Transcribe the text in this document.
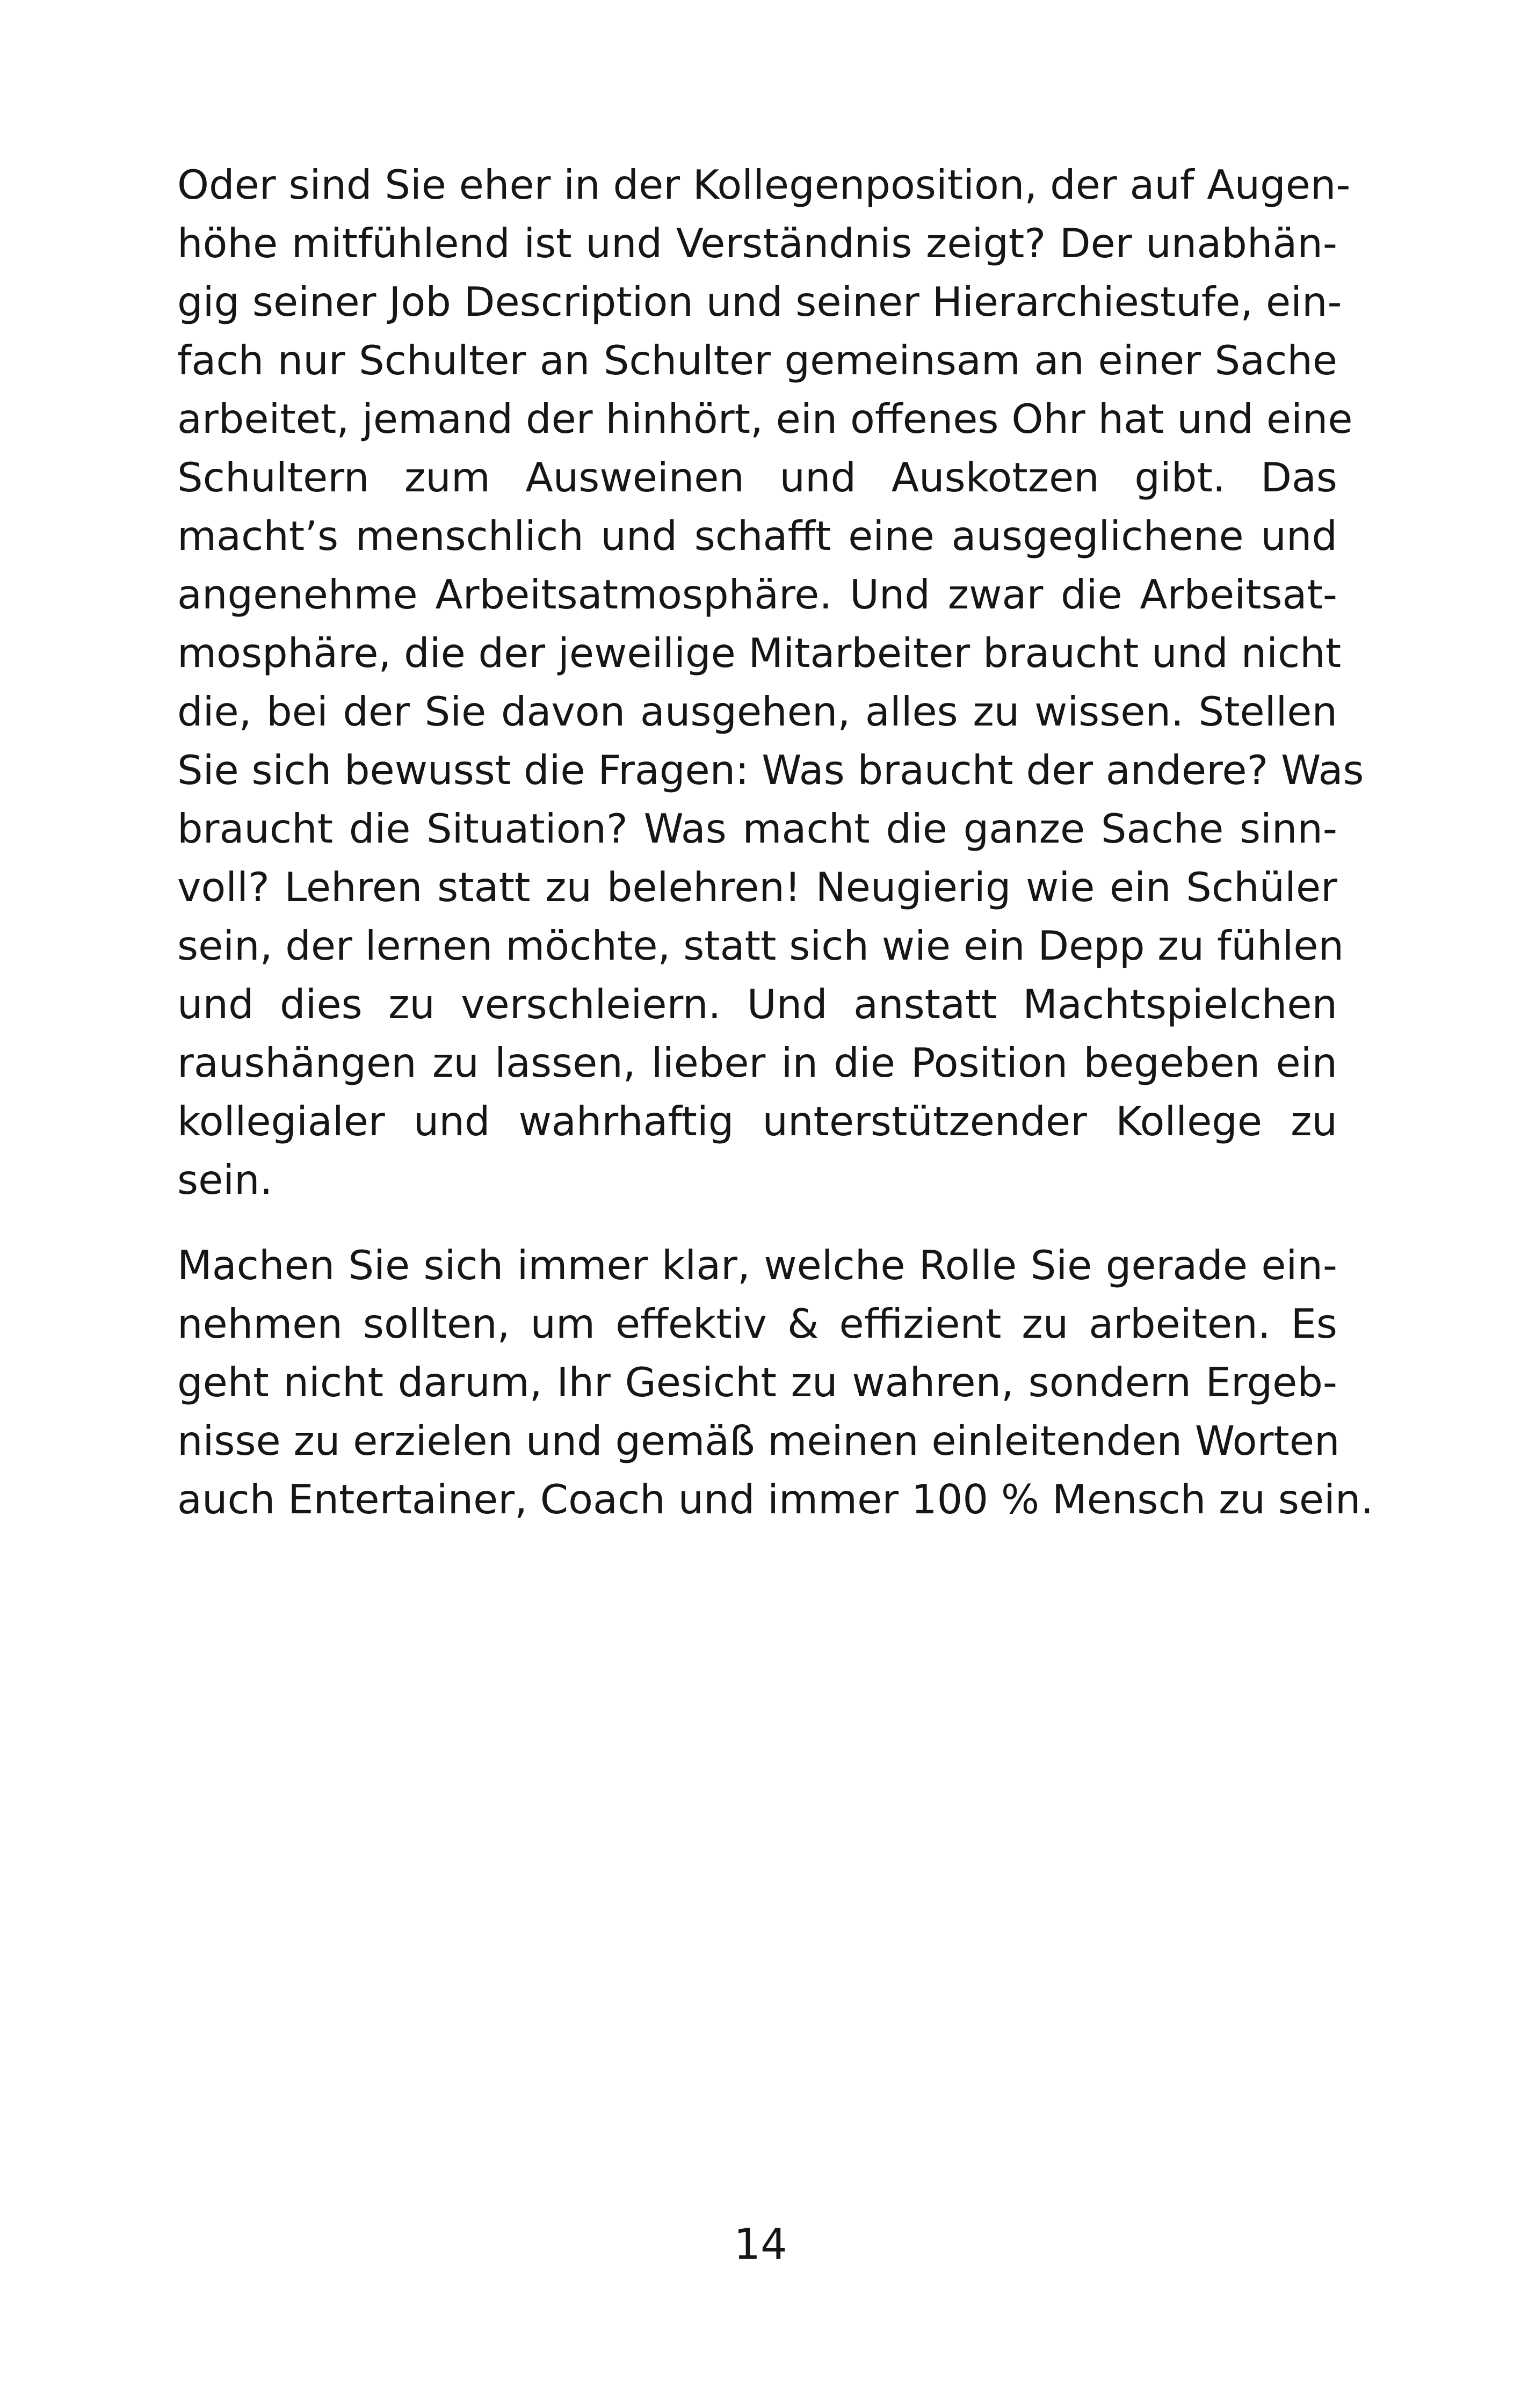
Oder sind Sie eher in der Kollegenposition, der auf Augen-
höhe mitfühlend ist und Verständnis zeigt? Der unabhän-
gig seiner Job Description und seiner Hierarchiestufe, ein-
fach nur Schulter an Schulter gemeinsam an einer Sache
arbeitet, jemand der hinhört, ein offenes Ohr hat und eine
Schultern zum Ausweinen und Auskotzen gibt. Das
macht’s menschlich und schafft eine ausgeglichene und
angenehme Arbeitsatmosphäre. Und zwar die Arbeitsat-
mosphäre, die der jeweilige Mitarbeiter braucht und nicht
die, bei der Sie davon ausgehen, alles zu wissen. Stellen
Sie sich bewusst die Fragen: Was braucht der andere? Was
braucht die Situation? Was macht die ganze Sache sinn-
voll? Lehren statt zu belehren! Neugierig wie ein Schüler
sein, der lernen möchte, statt sich wie ein Depp zu fühlen
und dies zu verschleiern. Und anstatt Machtspielchen
raushängen zu lassen, lieber in die Position begeben ein
kollegialer und wahrhaftig unterstützender Kollege zu
sein.
Machen Sie sich immer klar, welche Rolle Sie gerade ein-
nehmen sollten, um effektiv & effizient zu arbeiten. Es
geht nicht darum, Ihr Gesicht zu wahren, sondern Ergeb-
nisse zu erzielen und gemäß meinen einleitenden Worten
auch Entertainer, Coach und immer 100 % Mensch zu sein.
14
